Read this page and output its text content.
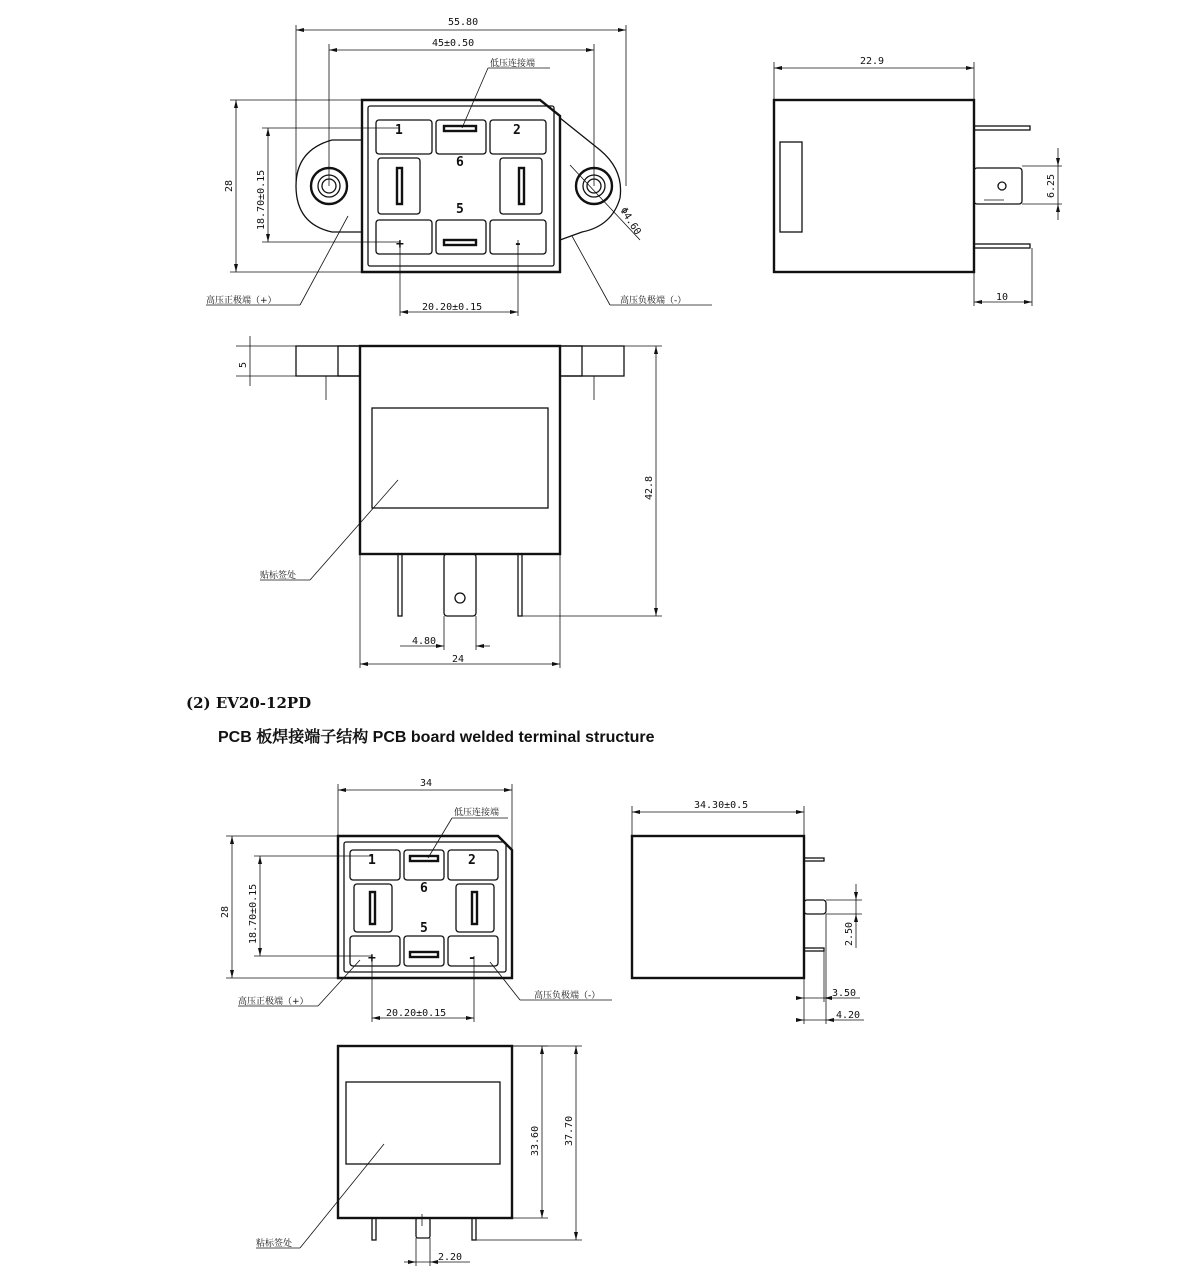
(2) EV20-12PD
PCB 板焊接端子结构 PCB board welded terminal structure
1	2
6
5
+	-
55.80
45±0.50
低压连接端
28 18.70±0.15
20.20±0.15
Φ4.60
高压正极端（+）	高压负极端（-）
22.9
6.25
10
5
42.8
4.80
24
贴标签处
1	2
6
5
+	-
34
低压连接端
28 18.70±0.15
20.20±0.15
高压正极端（+）
高压负极端（-）
34.30±0.5
2.50
3.50
4.20
33.60 37.70
2.20
粘标签处
